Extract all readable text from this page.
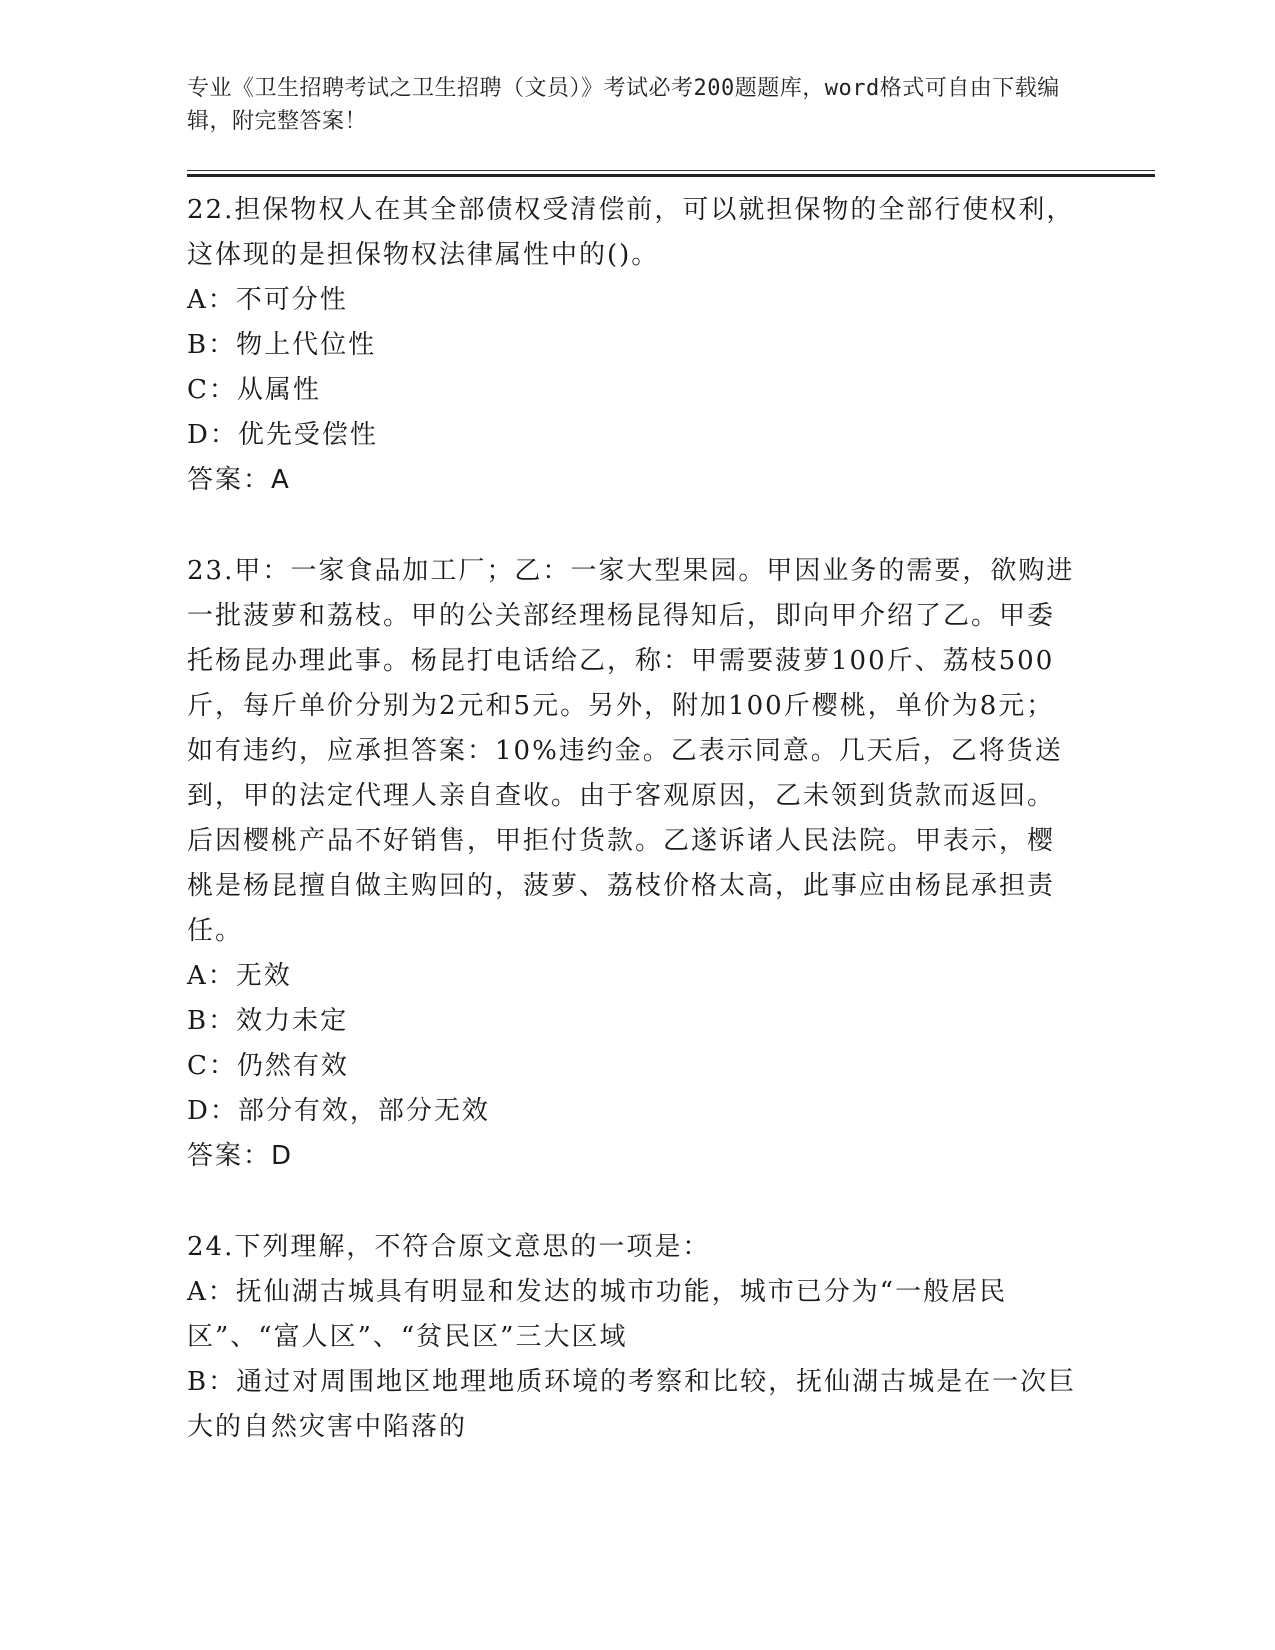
专业《卫生招聘考试之卫生招聘（文员）》考试必考200题题库，word格式可自由下载编辑，附完整答案！

22.担保物权人在其全部债权受清偿前，可以就担保物的全部行使权利，这体现的是担保物权法律属性中的()。

A：不可分性

B：物上代位性

C：从属性

D：优先受偿性

答案：A

23.甲：一家食品加工厂；乙：一家大型果园。甲因业务的需要，欲购进一批菠萝和荔枝。甲的公关部经理杨昆得知后，即向甲介绍了乙。甲委托杨昆办理此事。杨昆打电话给乙，称：甲需要菠萝100斤、荔枝500斤，每斤单价分别为2元和5元。另外，附加100斤樱桃，单价为8元；如有违约，应承担答案：10%违约金。乙表示同意。几天后，乙将货送到，甲的法定代理人亲自查收。由于客观原因，乙未领到货款而返回。后因樱桃产品不好销售，甲拒付货款。乙遂诉诸人民法院。甲表示，樱桃是杨昆擅自做主购回的，菠萝、荔枝价格太高，此事应由杨昆承担责任。

A：无效

B：效力未定

C：仍然有效

D：部分有效，部分无效

答案：D

24.下列理解，不符合原文意思的一项是：

A：抚仙湖古城具有明显和发达的城市功能，城市已分为“一般居民区”、“富人区”、“贫民区”三大区域

B：通过对周围地区地理地质环境的考察和比较，抚仙湖古城是在一次巨大的自然灾害中陷落的
